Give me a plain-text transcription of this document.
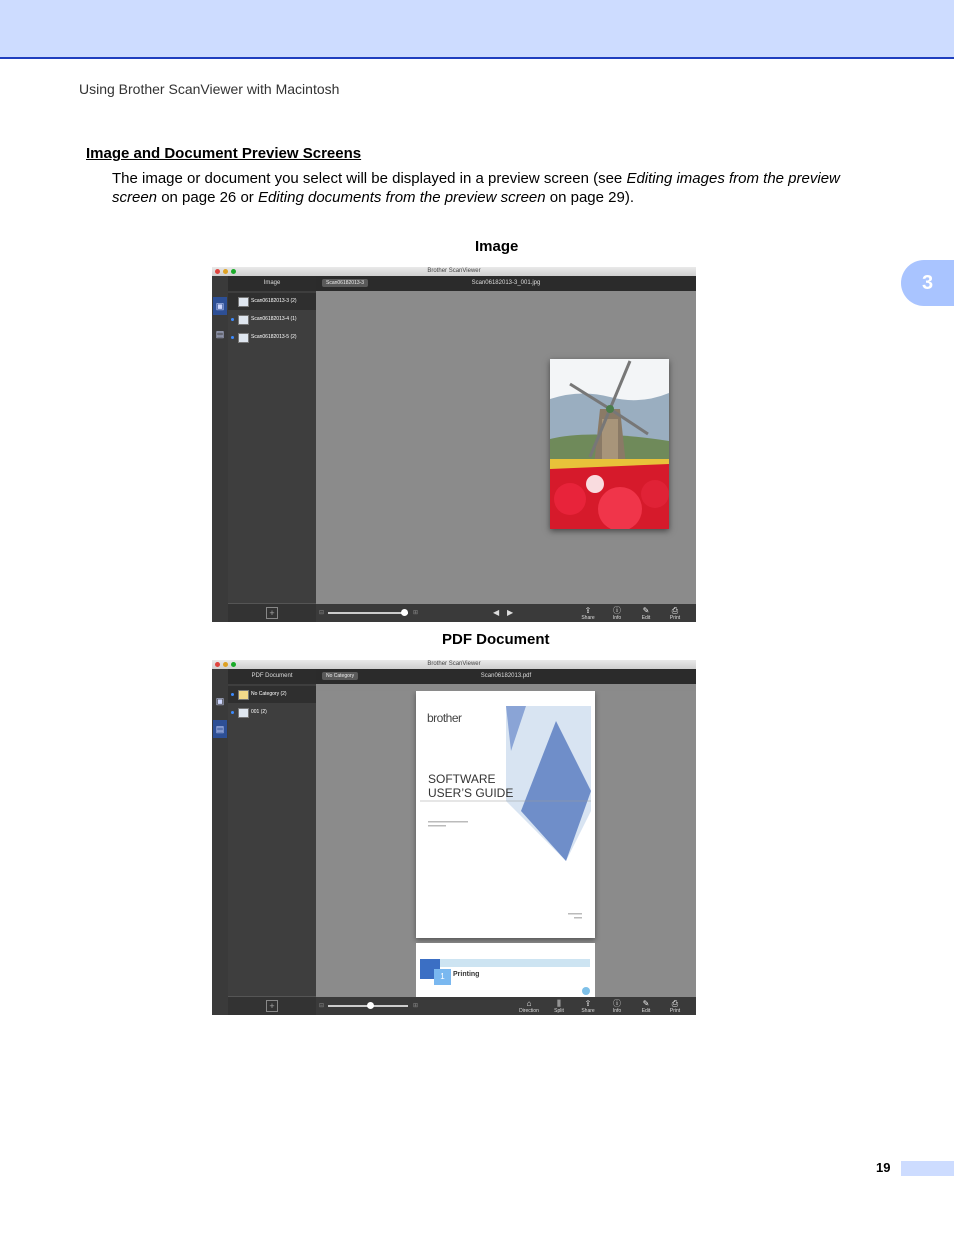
Using Brother ScanViewer with Macintosh
3
Image and Document Preview Screens
The image or document you select will be displayed in a preview screen (see Editing images from the preview screen on page 26 or Editing documents from the preview screen on page 29).
Image
Brother ScanViewer
▣
▤
Image
Scan06182013-3 (2)
Scan06182013-4 (1)
Scan06182013-5 (2)
+
Scan06182013-3_001.jpg
Scan06182013-3
⊟	⊞	◀ ▶	⇪
Share
ⓘ
Info
✎
Edit
⎙
Print
PDF Document
Brother ScanViewer
▣
▤
PDF Document
No Category (2)
001 (2)
+
Scan06182013.pdf
No Category
brother
SOFTWARE
USER’S GUIDE
1	Printing
⊟	⊞	⌂
Direction
⫼
Split
⇪
Share
ⓘ
Info
✎
Edit
⎙
Print
19
